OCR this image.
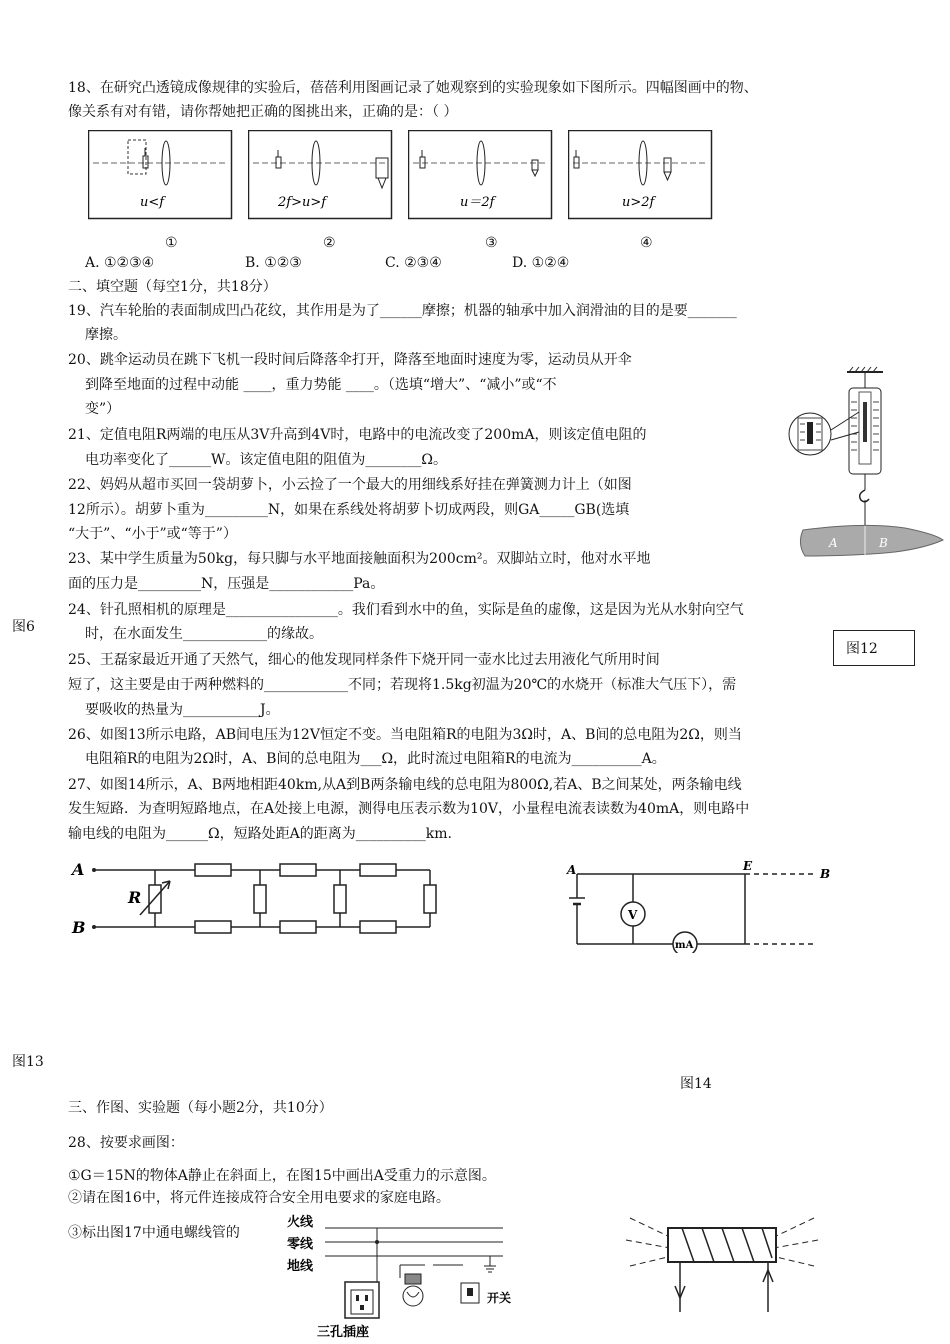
18、在研究凸透镜成像规律的实验后，蓓蓓利用图画记录了她观察到的实验现象如下图所示。四幅图画中的物、
像关系有对有错，请你帮她把正确的图挑出来，正确的是：（ ）
u<f	2f>u>f	u＝2f	u>2f
①	②	③	④
A. ①②③④	B. ①②③	C. ②③④	D. ①②④
二、填空题（每空1分，共18分）
19、汽车轮胎的表面制成凹凸花纹，其作用是为了______摩擦；机器的轴承中加入润滑油的目的是要_______
摩擦。
20、跳伞运动员在跳下飞机一段时间后降落伞打开，降落至地面时速度为零，运动员从开伞
到降至地面的过程中动能 ____，重力势能 ____。（选填“增大”、“减小”或“不
变”）
21、定值电阻R两端的电压从3V升高到4V时，电路中的电流改变了200mA，则该定值电阻的
电功率变化了______W。该定值电阻的阻值为________Ω。
22、妈妈从超市买回一袋胡萝卜，小云捡了一个最大的用细线系好挂在弹簧测力计上（如图
12所示）。胡萝卜重为_________N，如果在系线处将胡萝卜切成两段，则GA_____GB(选填
“大于”、“小于”或“等于”）
23、某中学生质量为50kg，每只脚与水平地面接触面积为200cm²。双脚站立时，他对水平地
面的压力是_________N，压强是____________Pa。
图6
24、针孔照相机的原理是________________。我们看到水中的鱼，实际是鱼的虚像，这是因为光从水射向空气
时，在水面发生____________的缘故。
A	B
图12
25、王磊家最近开通了天然气，细心的他发现同样条件下烧开同一壶水比过去用液化气所用时间
短了，这主要是由于两种燃料的____________不同；若现将1.5kg初温为20℃的水烧开（标准大气压下），需
要吸收的热量为___________J。
26、如图13所示电路，AB间电压为12V恒定不变。当电阻箱R的电阻为3Ω时，A、B间的总电阻为2Ω，则当
电阻箱R的电阻为2Ω时，A、B间的总电阻为___Ω，此时流过电阻箱R的电流为__________A。
27、如图14所示，A、B两地相距40km,从A到B两条输电线的总电阻为800Ω,若A、B之间某处，两条输电线
发生短路．为查明短路地点，在A处接上电源，测得电压表示数为10V，小量程电流表读数为40mA，则电路中
输电线的电阻为______Ω，短路处距A的距离为__________km.
A
B
R
A	E
B
mA
V
图13
图14
三、作图、实验题（每小题2分，共10分）
28、按要求画图：
①G＝15N的物体A静止在斜面上，在图15中画出A受重力的示意图。
②请在图16中，将元件连接成符合安全用电要求的家庭电路。
③标出图17中通电螺线管的
火线
零线
地线
开关
三孔插座
